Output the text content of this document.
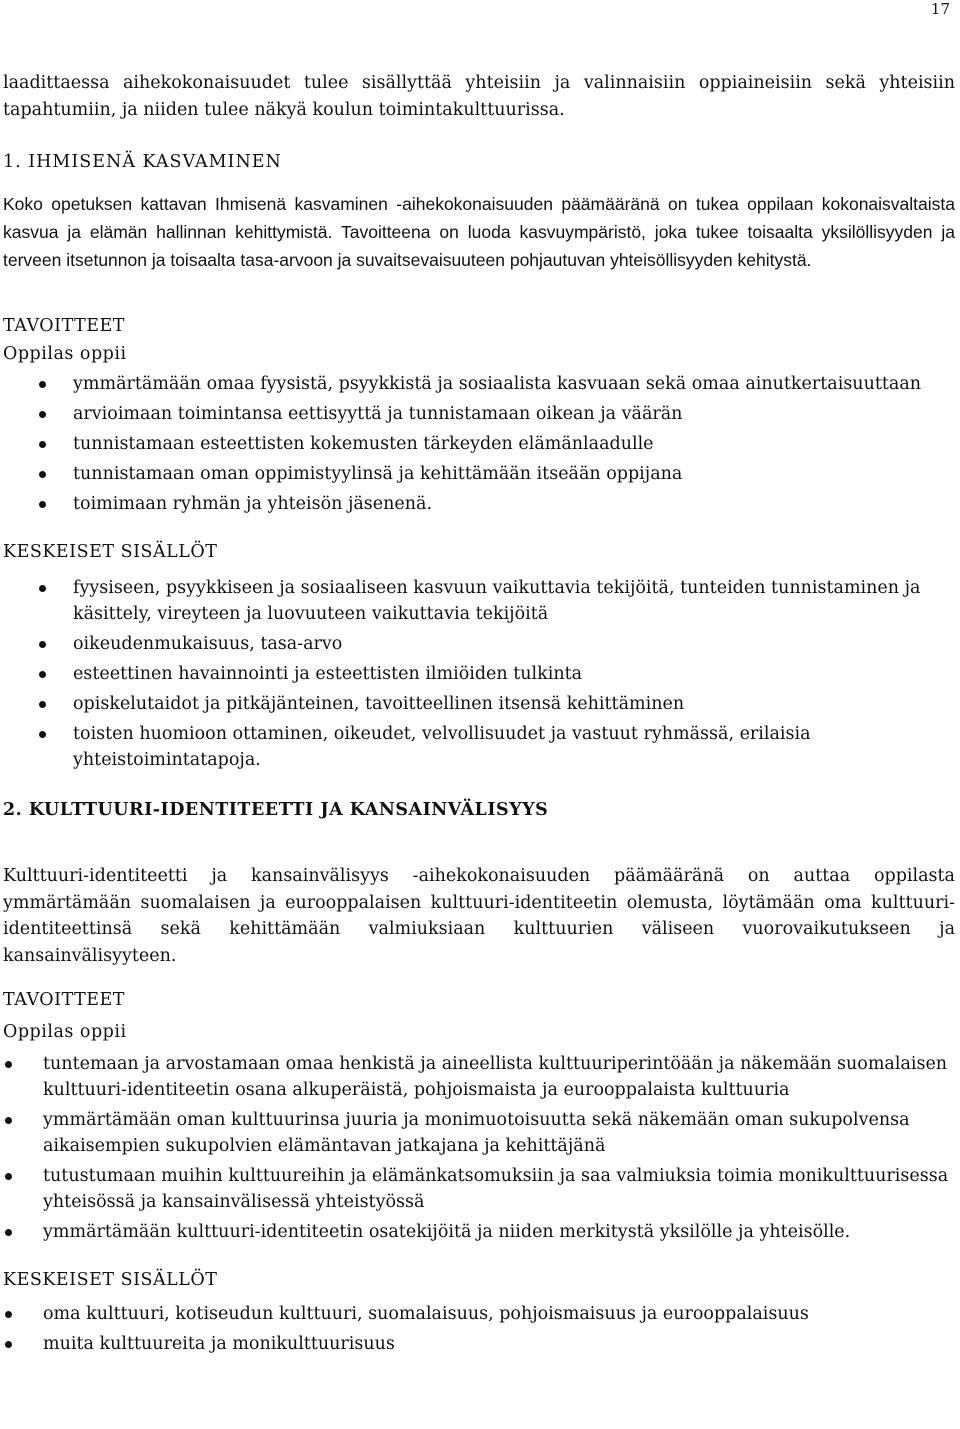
17

laadittaessa aihekokonaisuudet tulee sisällyttää yhteisiin ja valinnaisiin oppiaineisiin sekä yhteisiin tapahtumiin, ja niiden tulee näkyä koulun toimintakulttuurissa.

1. IHMISENÄ KASVAMINEN

Koko opetuksen kattavan Ihmisenä kasvaminen -aihekokonaisuuden päämääränä on tukea oppilaan kokonaisvaltaista kasvua ja elämän hallinnan kehittymistä. Tavoitteena on luoda kasvuympäristö, joka tukee toisaalta yksilöllisyyden ja terveen itsetunnon ja toisaalta tasa-arvoon ja suvaitsevaisuuteen pohjautuvan yhteisöllisyyden kehitystä.

TAVOITTEET
Oppilas oppii
ymmärtämään omaa fyysistä, psyykkistä ja sosiaalista kasvuaan sekä omaa ainutkertaisuuttaan
arvioimaan toimintansa eettisyyttä ja tunnistamaan oikean ja väärän
tunnistamaan esteettisten kokemusten tärkeyden elämänlaadulle
tunnistamaan oman oppimistyylinsä ja kehittämään itseään oppijana
toimimaan ryhmän ja yhteisön jäsenenä.
KESKEISET SISÄLLÖT
fyysiseen, psyykkiseen ja sosiaaliseen kasvuun vaikuttavia tekijöitä, tunteiden tunnistaminen ja käsittely, vireyteen ja luovuuteen vaikuttavia tekijöitä
oikeudenmukaisuus, tasa-arvo
esteettinen havainnointi ja esteettisten ilmiöiden tulkinta
opiskelutaidot ja pitkäjänteinen, tavoitteellinen itsensä kehittäminen
toisten huomioon ottaminen, oikeudet, velvollisuudet ja vastuut ryhmässä, erilaisia yhteistoimintatapoja.
2. KULTTUURI-IDENTITEETTI JA KANSAINVÄLISYYS

Kulttuuri-identiteetti ja kansainvälisyys -aihekokonaisuuden päämääränä on auttaa oppilasta ymmärtämään suomalaisen ja eurooppalaisen kulttuuri-identiteetin olemusta, löytämään oma kulttuuri-identiteettinsä sekä kehittämään valmiuksiaan kulttuurien väliseen vuorovaikutukseen ja kansainvälisyyteen.

TAVOITTEET
Oppilas oppii
tuntemaan ja arvostamaan omaa henkistä ja aineellista kulttuuriperintöään ja näkemään suomalaisen kulttuuri-identiteetin osana alkuperäistä, pohjoismaista ja eurooppalaista kulttuuria
ymmärtämään oman kulttuurinsa juuria ja monimuotoisuutta sekä näkemään oman sukupolvensa aikaisempien sukupolvien elämäntavan jatkajana ja kehittäjänä
tutustumaan muihin kulttuureihin ja elämänkatsomuksiin ja saa valmiuksia toimia monikulttuurisessa yhteisössä ja kansainvälisessä yhteistyössä
ymmärtämään kulttuuri-identiteetin osatekijöitä ja niiden merkitystä yksilölle ja yhteisölle.
KESKEISET SISÄLLÖT
oma kulttuuri, kotiseudun kulttuuri, suomalaisuus, pohjoismaisuus ja eurooppalaisuus
muita kulttuureita ja monikulttuurisuus
